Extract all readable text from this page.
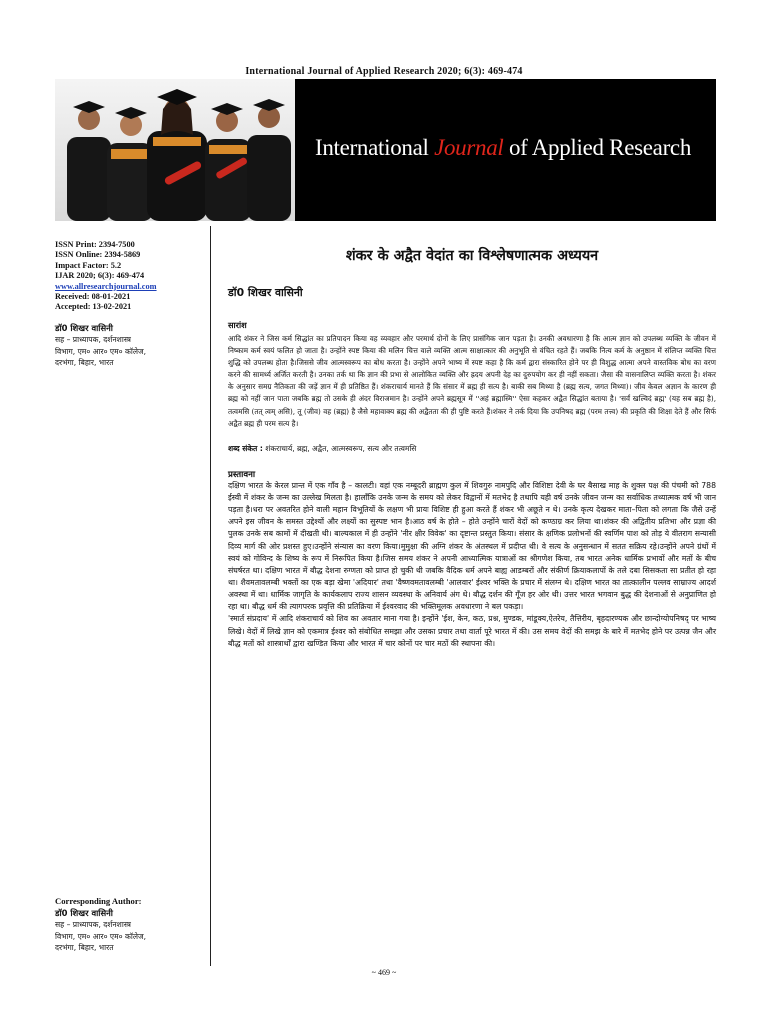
International Journal of Applied Research 2020; 6(3): 469-474
International Journal of Applied Research
ISSN Print: 2394-7500
ISSN Online: 2394-5869
Impact Factor: 5.2
IJAR 2020; 6(3): 469-474
www.allresearchjournal.com
Received: 08-01-2021
Accepted: 13-02-2021
डॉ0 शिखर वासिनी
सह – प्राध्यापक, दर्शनशास्त्र
विभाग, एम० आर० एम० कॉलेज,
दरभंगा, बिहार, भारत
Corresponding Author:
डॉ0 शिखर वासिनी
सह – प्राध्यापक, दर्शनशास्त्र
विभाग, एम० आर० एम० कॉलेज,
दरभंगा, बिहार, भारत
शंकर के अद्वैत वेदांत का विश्लेषणात्मक अध्ययन
डॉ0 शिखर वासिनी
सारांश
आदि शंकर ने जिस कर्म सिद्धांत का प्रतिपादन किया वह व्यवहार और परमार्थ दोनों के लिए प्रासंगिक जान पड़ता है। उनकी अवधारणा है कि आत्म ज्ञान को उपलब्ध व्यक्ति के जीवन में निष्काम कर्म स्वयं फलित हो जाता है। उन्होंने स्पष्ट किया की मलिन चित्त वाले व्यक्ति आत्म साक्षात्कार की अनुभूति से वंचित रहते हैं। जबकि नित्य कर्म के अनुष्ठान में संलिप्त व्यक्ति चित्त शुद्धि को उपलब्ध होता है।जिससे जीव आत्मस्वरूप का बोध करता है। उन्होंने अपने भाष्य में स्पष्ट कहा है कि कर्म द्वारा संस्कारित होने पर ही विशुद्ध आत्मा अपने वास्तविक बोध का वरण करने की सामर्थ्य अर्जित करती है। उनका तर्क था कि ज्ञान की प्रभा से आलोकित व्यक्ति और ह्रदय अपनी देह का दुरुपयोग कर ही नहीं सकता। जैसा की वासनालिप्त व्यक्ति करता है। शंकर के अनुसार समग्र नैतिकता की जड़ें ज्ञान में ही प्रतिष्ठित हैं। शंकराचार्य मानते हैं कि संसार में ब्रह्म ही सत्य है। बाकी सब मिथ्या है (ब्रह्म सत्य, जगत मिथ्या)। जीव केवल अज्ञान के कारण ही ब्रह्म को नहीं जान पाता जबकि ब्रह्म तो उसके ही अंदर विराजमान है। उन्होंने अपने ब्रह्मसूत्र में ''अहं ब्रह्मास्मि'' ऐसा कहकर अद्वैत सिद्धांत बताया है। 'सर्वं खल्विदं ब्रह्म' (यह सब ब्रह्म है), तत्वमसि (तत् त्वम् असि), तू (जीव) वह (ब्रह्म) है जैसे महावाक्य ब्रह्म की अद्वैतता की ही पुष्टि करते हैं।शंकर ने तर्क दिया कि उपनिषद ब्रह्म (परम तत्त्व) की प्रकृति की शिक्षा देते हैं और सिर्फ अद्वैत ब्रह्म ही परम सत्य है।
शब्द संकेत : शंकराचार्य, ब्रह्म, अद्वैत, आत्मस्वरूप, सत्य और तत्वमसि
प्रस्तावना

दक्षिण भारत के केरल प्रान्त में एक गाँव है – कालटी। वहां एक नम्बूदरी ब्राह्मण कुल में शिवगुरु नामपुदि और विशिष्टा देवी के घर बैसाख माह के शुक्ल पक्ष की पंचमी को 788 ईस्वी में शंकर के जन्म का उल्लेख मिलता है। हालाँकि उनके जन्म के समय को लेकर विद्वानों में मतभेद है तथापि यही वर्ष उनके जीवन जन्म का सर्वाधिक तथ्यात्मक वर्ष भी जान पड़ता है।धरा पर अवतरित होने वाली महान विभूतियों के लक्षण भी प्रायः विशिष्ट ही हुआ करते हैं शंकर भी अछूते न थे। उनके कृत्य देखकर माता–पिता को लगता कि जैसे उन्हें अपने इस जीवन के समस्त उद्देश्यों और लक्ष्यों का सुस्पष्ट भान है।आठ वर्ष के होते – होते उन्होंने चारों वेदों को कण्ठाग्र कर लिया था।शंकर की अद्वितीय प्रतिभा और प्रज्ञा की पुलक उनके सब कामों में दीखती थी। बाल्यकाल में ही उन्होंने 'नीर क्षीर विवेक' का दृष्टान्त प्रस्तुत किया। संसार के क्षणिक प्रलोभनों की स्वर्णिम पाश को तोड़ ये वीतराग सन्यासी दिव्य मार्ग की ओर प्रशस्त हुए।उन्होंने संन्यास का वरण किया।मुमुक्षा की अग्नि शंकर के अंतस्थल में प्रदीप्त थी। वे सत्य के अनुसन्धान में सतत सक्रिय रहे।उन्होंने अपने ग्रंथों में स्वयं को गोविन्द के शिष्य के रूप में निरूपित किया है।जिस समय शंकर ने अपनी आध्यात्मिक यात्राओं का श्रीगणेश किया, तब भारत अनेक धार्मिक प्रभावों और मतों के बीच संघर्षरत था। दक्षिण भारत में बौद्ध देशना रुग्णता को प्राप्त हो चुकी थी जबकि वैदिक धर्म अपने बाह्य आडम्बरों और संकीर्ण क्रियाकलापों के तले दबा सिसकता सा प्रतीत हो रहा था। शैवमतावलम्बी भक्तों का एक बड़ा खेमा 'अदियार' तथा 'वैष्णवमतावलम्बी 'आलवार' ईश्वर भक्ति के प्रचार में संलग्न थे। दक्षिण भारत का तात्कालीन पल्लव साम्राज्य आदर्श अवस्था में था। धार्मिक जागृति के कार्यकलाप राज्य शासन व्यवस्था के अनिवार्य अंग थे। बौद्ध दर्शन की गूँज हर ओर थी। उत्तर भारत भगवान बुद्ध की देशनाओं से अनुप्राणित हो रहा था। बौद्ध धर्म की त्यागपरक प्रवृत्ति की प्रतिक्रिया में ईश्वरवाद की भक्तिमूलक अवधारणा ने बल पकड़ा।

'स्मार्त संप्रदाय' में आदि शंकराचार्य को शिव का अवतार माना गया है। इन्होंने 'ईश, केन, कठ, प्रश्न, मुण्डक, मांडूक्य,ऐतरेय, तैत्तिरीय, बृहदारण्यक और छान्दोग्योपनिषद् पर भाष्य लिखे। वेदों में लिखे ज्ञान को एकमात्र ईश्वर को संबोधित समझा और उसका प्रचार तथा वार्ता पूरे भारत में की। उस समय वेदों की समझ के बारे में मतभेद होने पर उत्पन्न जैन और बौद्ध मतों को शास्त्रार्थों द्वारा खण्डित किया और भारत में चार कोनों पर चार मठों की स्थापना की।

~ 469 ~
